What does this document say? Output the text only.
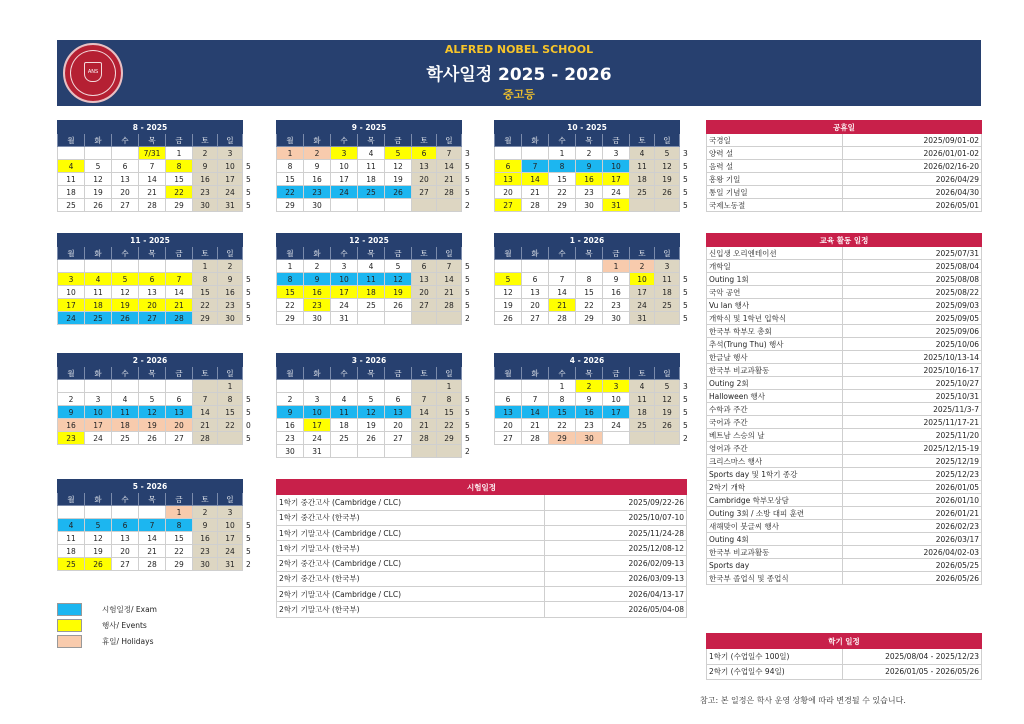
ANS
ALFRED NOBEL SCHOOL
학사일정 2025 - 2026
중고등
8 - 2025							
월	화	수	목	금	토	일	
			7/31	1	2	3	
4	5	6	7	8	9	10	5
11	12	13	14	15	16	17	5
18	19	20	21	22	23	24	5
25	26	27	28	29	30	31	5
9 - 2025							
월	화	수	목	금	토	일	
1	2	3	4	5	6	7	3
8	9	10	11	12	13	14	5
15	16	17	18	19	20	21	5
22	23	24	25	26	27	28	5
29	30						2
10 - 2025							
월	화	수	목	금	토	일	
		1	2	3	4	5	3
6	7	8	9	10	11	12	5
13	14	15	16	17	18	19	5
20	21	22	23	24	25	26	5
27	28	29	30	31			5
11 - 2025							
월	화	수	목	금	토	일	
					1	2	
3	4	5	6	7	8	9	5
10	11	12	13	14	15	16	5
17	18	19	20	21	22	23	5
24	25	26	27	28	29	30	5
12 - 2025							
월	화	수	목	금	토	일	
1	2	3	4	5	6	7	5
8	9	10	11	12	13	14	5
15	16	17	18	19	20	21	5
22	23	24	25	26	27	28	5
29	30	31					2
1 - 2026							
월	화	수	목	금	토	일	
				1	2	3	
5	6	7	8	9	10	11	5
12	13	14	15	16	17	18	5
19	20	21	22	23	24	25	5
26	27	28	29	30	31		5
2 - 2026							
월	화	수	목	금	토	일	
						1	
2	3	4	5	6	7	8	5
9	10	11	12	13	14	15	5
16	17	18	19	20	21	22	0
23	24	25	26	27	28		5
3 - 2026							
월	화	수	목	금	토	일	
						1	
2	3	4	5	6	7	8	5
9	10	11	12	13	14	15	5
16	17	18	19	20	21	22	5
23	24	25	26	27	28	29	5
30	31						2
4 - 2026							
월	화	수	목	금	토	일	
		1	2	3	4	5	3
6	7	8	9	10	11	12	5
13	14	15	16	17	18	19	5
20	21	22	23	24	25	26	5
27	28	29	30				2
5 - 2026							
월	화	수	목	금	토	일	
				1	2	3	
4	5	6	7	8	9	10	5
11	12	13	14	15	16	17	5
18	19	20	21	22	23	24	5
25	26	27	28	29	30	31	2
공휴일	
국경일	2025/09/01-02
양력 설	2026/01/01-02
음력 설	2026/02/16-20
흥왕 기일	2026/04/29
통일 기념일	2026/04/30
국제노동절	2026/05/01
교육 활동 일정	
신입생 오리엔테이션	2025/07/31
개학일	2025/08/04
Outing 1회	2025/08/08
국악 공연	2025/08/22
Vu lan 행사	2025/09/03
개학식 및 1학년 입학식	2025/09/05
한국부 학부모 총회	2025/09/06
추석(Trung Thu) 행사	2025/10/06
한글날 행사	2025/10/13-14
한국부 비교과활동	2025/10/16-17
Outing 2회	2025/10/27
Halloween 행사	2025/10/31
수학과 주간	2025/11/3-7
국어과 주간	2025/11/17-21
베트남 스승의 날	2025/11/20
영어과 주간	2025/12/15-19
크리스마스 행사	2025/12/19
Sports day 및 1학기 종강	2025/12/23
2학기 개학	2026/01/05
Cambridge 학부모상담	2026/01/10
Outing 3회 / 소방 대피 훈련	2026/01/21
새해맞이 붓글씨 행사	2026/02/23
Outing 4회	2026/03/17
한국부 비교과활동	2026/04/02-03
Sports day	2026/05/25
한국부 졸업식 및 종업식	2026/05/26
시험일정	
1학기 중간고사 (Cambridge / CLC)	2025/09/22-26
1학기 중간고사 (한국부)	2025/10/07-10
1학기 기말고사 (Cambridge / CLC)	2025/11/24-28
1학기 기말고사 (한국부)	2025/12/08-12
2학기 중간고사 (Cambridge / CLC)	2026/02/09-13
2학기 중간고사 (한국부)	2026/03/09-13
2학기 기말고사 (Cambridge / CLC)	2026/04/13-17
2학기 기말고사 (한국부)	2026/05/04-08
학기 일정	
1학기 (수업일수 100일)	2025/08/04 - 2025/12/23
2학기 (수업일수 94일)	2026/01/05 - 2026/05/26
시험일정/ Exam
행사/ Events
휴일/ Holidays
참고: 본 일정은 학사 운영 상황에 따라 변경될 수 있습니다.
